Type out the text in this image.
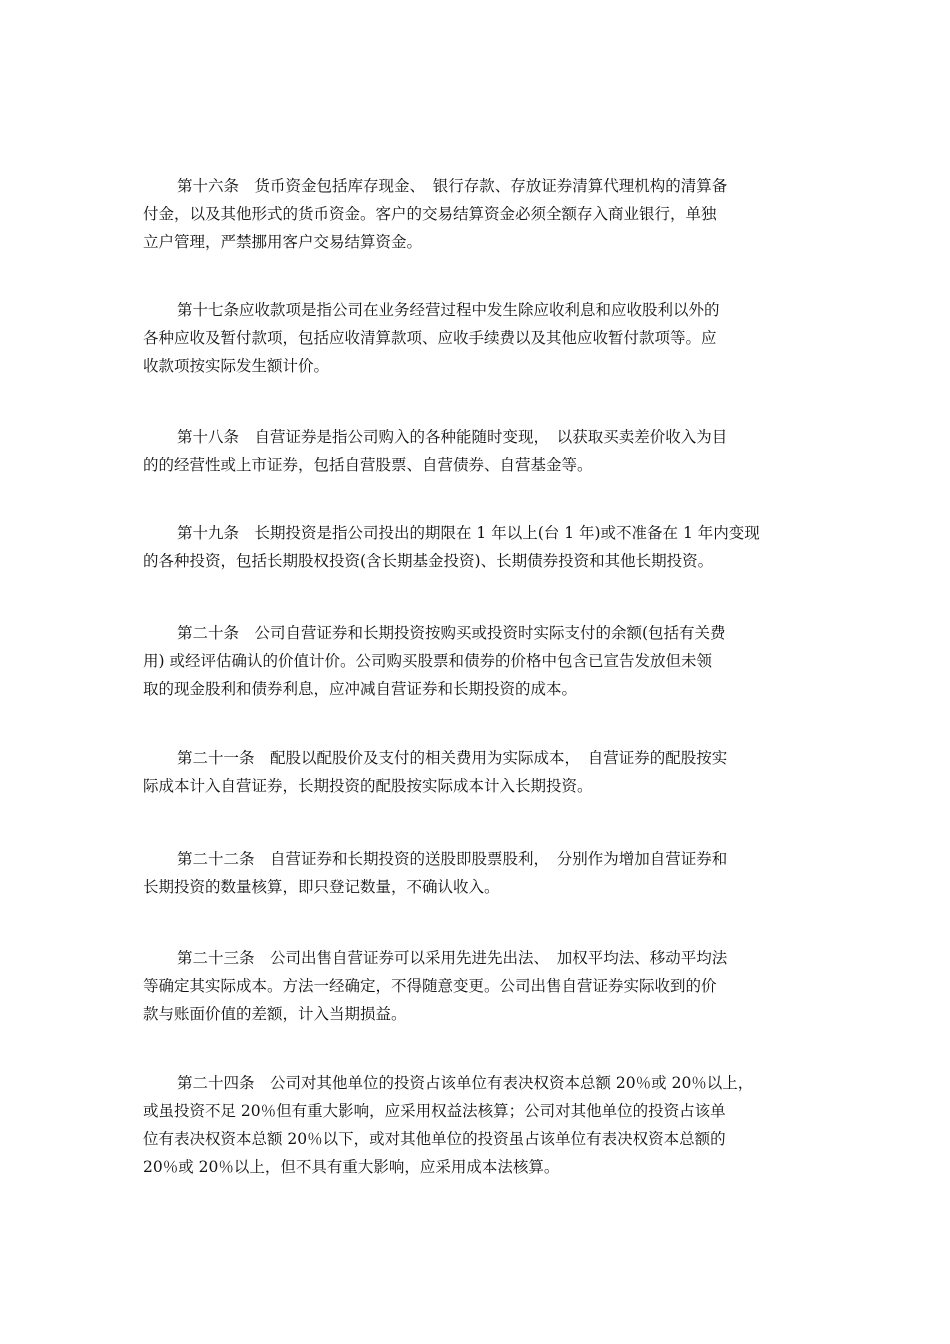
第十六条　货币资金包括库存现金、　银行存款、存放证券清算代理机构的清算备
付金，以及其他形式的货币资金。客户的交易结算资金必须全额存入商业银行，单独
立户管理，严禁挪用客户交易结算资金。

第十七条应收款项是指公司在业务经营过程中发生除应收利息和应收股利以外的
各种应收及暂付款项，包括应收清算款项、应收手续费以及其他应收暂付款项等。应
收款项按实际发生额计价。

第十八条　自营证券是指公司购入的各种能随时变现，　以获取买卖差价收入为目
的的经营性或上市证券，包括自营股票、自营债券、自营基金等。

第十九条　长期投资是指公司投出的期限在 1 年以上(台 1 年)或不准备在 1 年内变现
的各种投资，包括长期股权投资(含长期基金投资)、长期债券投资和其他长期投资。

第二十条　公司自营证券和长期投资按购买或投资时实际支付的余额(包括有关费
用) 或经评估确认的价值计价。公司购买股票和债券的价格中包含已宣告发放但未领
取的现金股利和债券利息，应冲减自营证券和长期投资的成本。

第二十一条　配股以配股价及支付的相关费用为实际成本，　自营证券的配股按实
际成本计入自营证券，长期投资的配股按实际成本计入长期投资。

第二十二条　自营证券和长期投资的送股即股票股利，　分别作为增加自营证券和
长期投资的数量核算，即只登记数量，不确认收入。

第二十三条　公司出售自营证券可以采用先进先出法、　加权平均法、移动平均法
等确定其实际成本。方法一经确定，不得随意变更。公司出售自营证券实际收到的价
款与账面价值的差额，计入当期损益。

第二十四条　公司对其他单位的投资占该单位有表决权资本总额 20％或 20％以上，
或虽投资不足 20％但有重大影响，应采用权益法核算；公司对其他单位的投资占该单
位有表决权资本总额 20％以下，或对其他单位的投资虽占该单位有表决权资本总额的
20％或 20％以上，但不具有重大影响，应采用成本法核算。
